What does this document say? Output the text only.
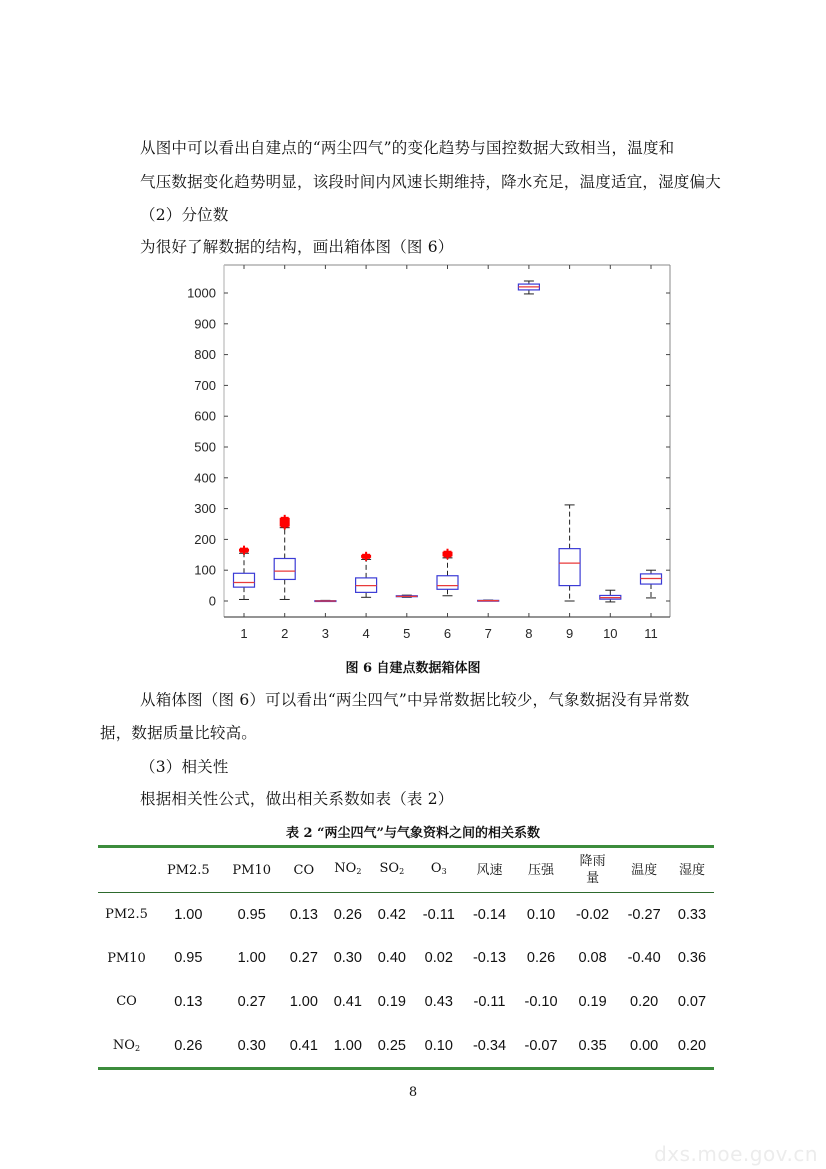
从图中可以看出自建点的“两尘四气”的变化趋势与国控数据大致相当，温度和
气压数据变化趋势明显，该段时间内风速长期维持，降水充足，温度适宜，湿度偏大
（2）分位数
为很好了解数据的结构，画出箱体图（图 6）
0
100
200
300
400
500
600
700
800
900
1000
1	2	3	4	5	6	7	8	9 10 11
图 6 自建点数据箱体图
从箱体图（图 6）可以看出“两尘四气”中异常数据比较少，气象数据没有异常数
据，数据质量比较高。
（3）相关性
根据相关性公式，做出相关系数如表（表 2）
表 2 “两尘四气”与气象资料之间的相关系数
	PM2.5	PM10	CO	$NO_2$	$SO_2$	$O_3$	风速	压强	降雨
量	温度	湿度
PM2.5	1.00	0.95	0.13	0.26	0.42	-0.11	-0.14	0.10	-0.02	-0.27	0.33
PM10	0.95	1.00	0.27	0.30	0.40	0.02	-0.13	0.26	0.08	-0.40	0.36
CO	0.13	0.27	1.00	0.41	0.19	0.43	-0.11	-0.10	0.19	0.20	0.07
$NO_2$	0.26	0.30	0.41	1.00	0.25	0.10	-0.34	-0.07	0.35	0.00	0.20
8
dxs.moe.gov.cn
